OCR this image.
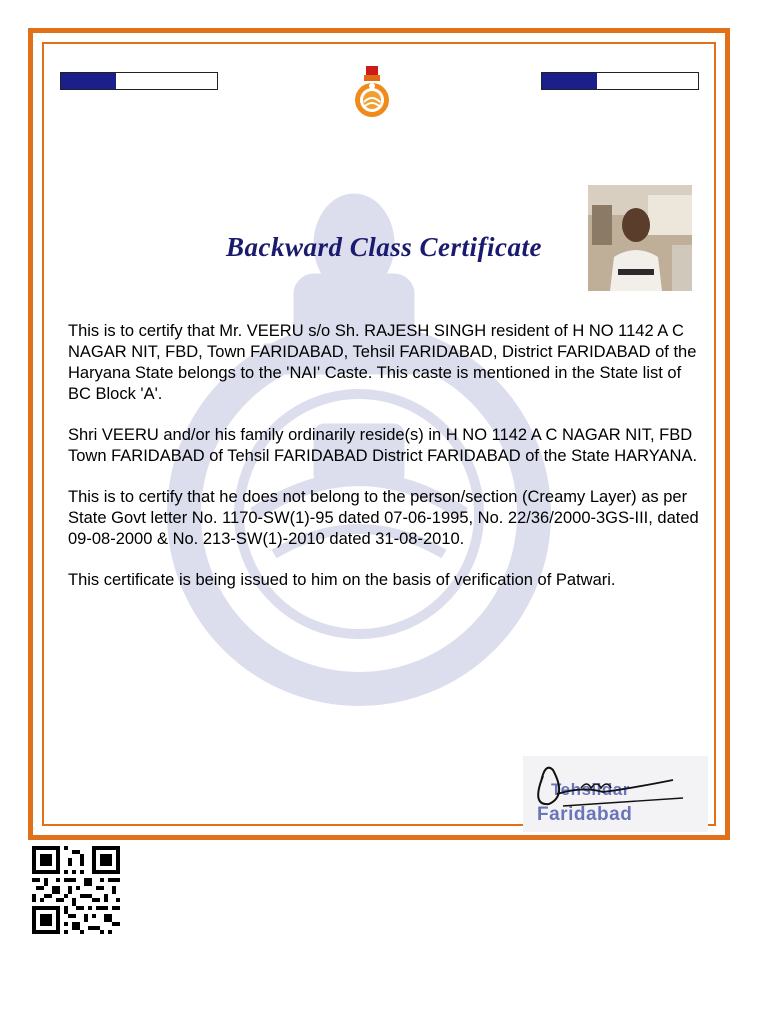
Backward Class Certificate

This is to certify that Mr. VEERU s/o Sh. RAJESH SINGH resident of H NO 1142 A C NAGAR NIT, FBD, Town FARIDABAD, Tehsil FARIDABAD, District FARIDABAD of the Haryana State belongs to the 'NAI' Caste. This caste is mentioned in the State list of BC Block 'A'.

Shri VEERU and/or his family ordinarily reside(s) in H NO 1142 A C NAGAR NIT, FBD Town FARIDABAD of Tehsil FARIDABAD District FARIDABAD of the State HARYANA.

This is to certify that he does not belong to the person/section (Creamy Layer) as per State Govt letter No. 1170-SW(1)-95 dated 07-06-1995, No. 22/36/2000-3GS-III, dated 09-08-2000 & No. 213-SW(1)-2010 dated 31-08-2010.

This certificate is being issued to him on the basis of verification of Patwari.

Tehsildar
Faridabad
